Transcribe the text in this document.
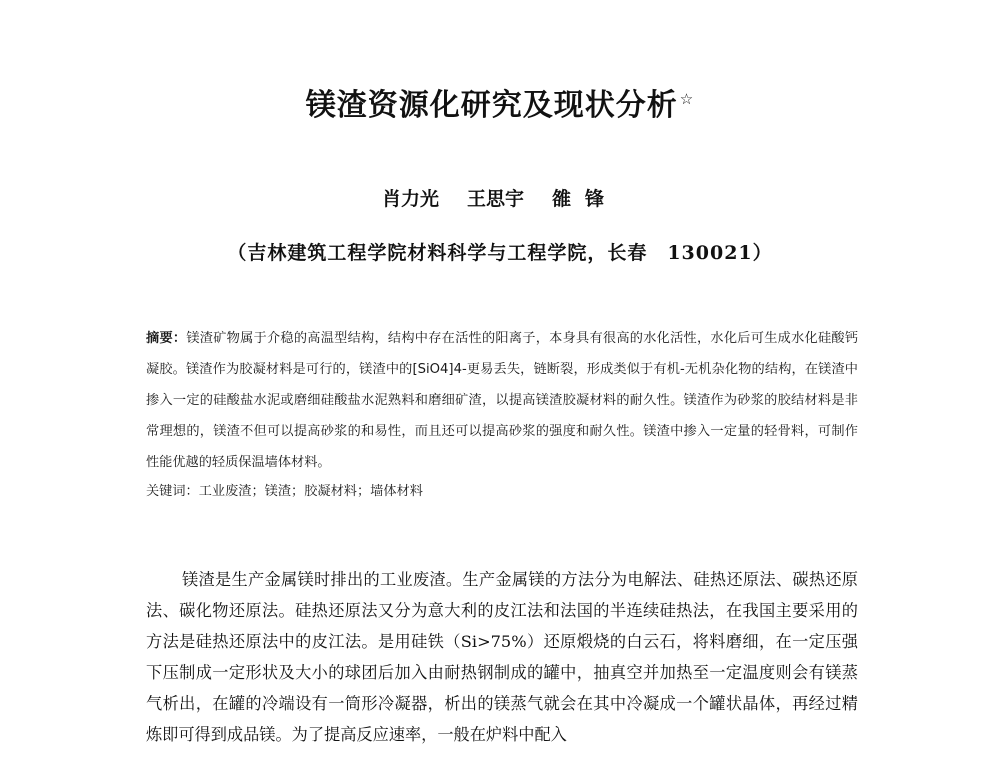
镁渣资源化研究及现状分析 ☆
肖力光 王思宇 雒锋
（吉林建筑工程学院材料科学与工程学院，长春　130021）
摘要：镁渣矿物属于介稳的高温型结构，结构中存在活性的阳离子，本身具有很高的水化活性，水化后可生成水化硅酸钙凝胶。镁渣作为胶凝材料是可行的，镁渣中的[SiO4]4-更易丢失，链断裂，形成类似于有机-无机杂化物的结构，在镁渣中掺入一定的硅酸盐水泥或磨细硅酸盐水泥熟料和磨细矿渣，以提高镁渣胶凝材料的耐久性。镁渣作为砂浆的胶结材料是非常理想的，镁渣不但可以提高砂浆的和易性，而且还可以提高砂浆的强度和耐久性。镁渣中掺入一定量的轻骨料，可制作性能优越的轻质保温墙体材料。
关键词：工业废渣；镁渣；胶凝材料；墙体材料
镁渣是生产金属镁时排出的工业废渣。生产金属镁的方法分为电解法、硅热还原法、碳热还原法、碳化物还原法。硅热还原法又分为意大利的皮江法和法国的半连续硅热法，在我国主要采用的方法是硅热还原法中的皮江法。是用硅铁（Si>75%）还原煅烧的白云石，将料磨细，在一定压强下压制成一定形状及大小的球团后加入由耐热钢制成的罐中，抽真空并加热至一定温度则会有镁蒸气析出，在罐的冷端设有一筒形冷凝器，析出的镁蒸气就会在其中冷凝成一个罐状晶体，再经过精炼即可得到成品镁。为了提高反应速率，一般在炉料中配入
